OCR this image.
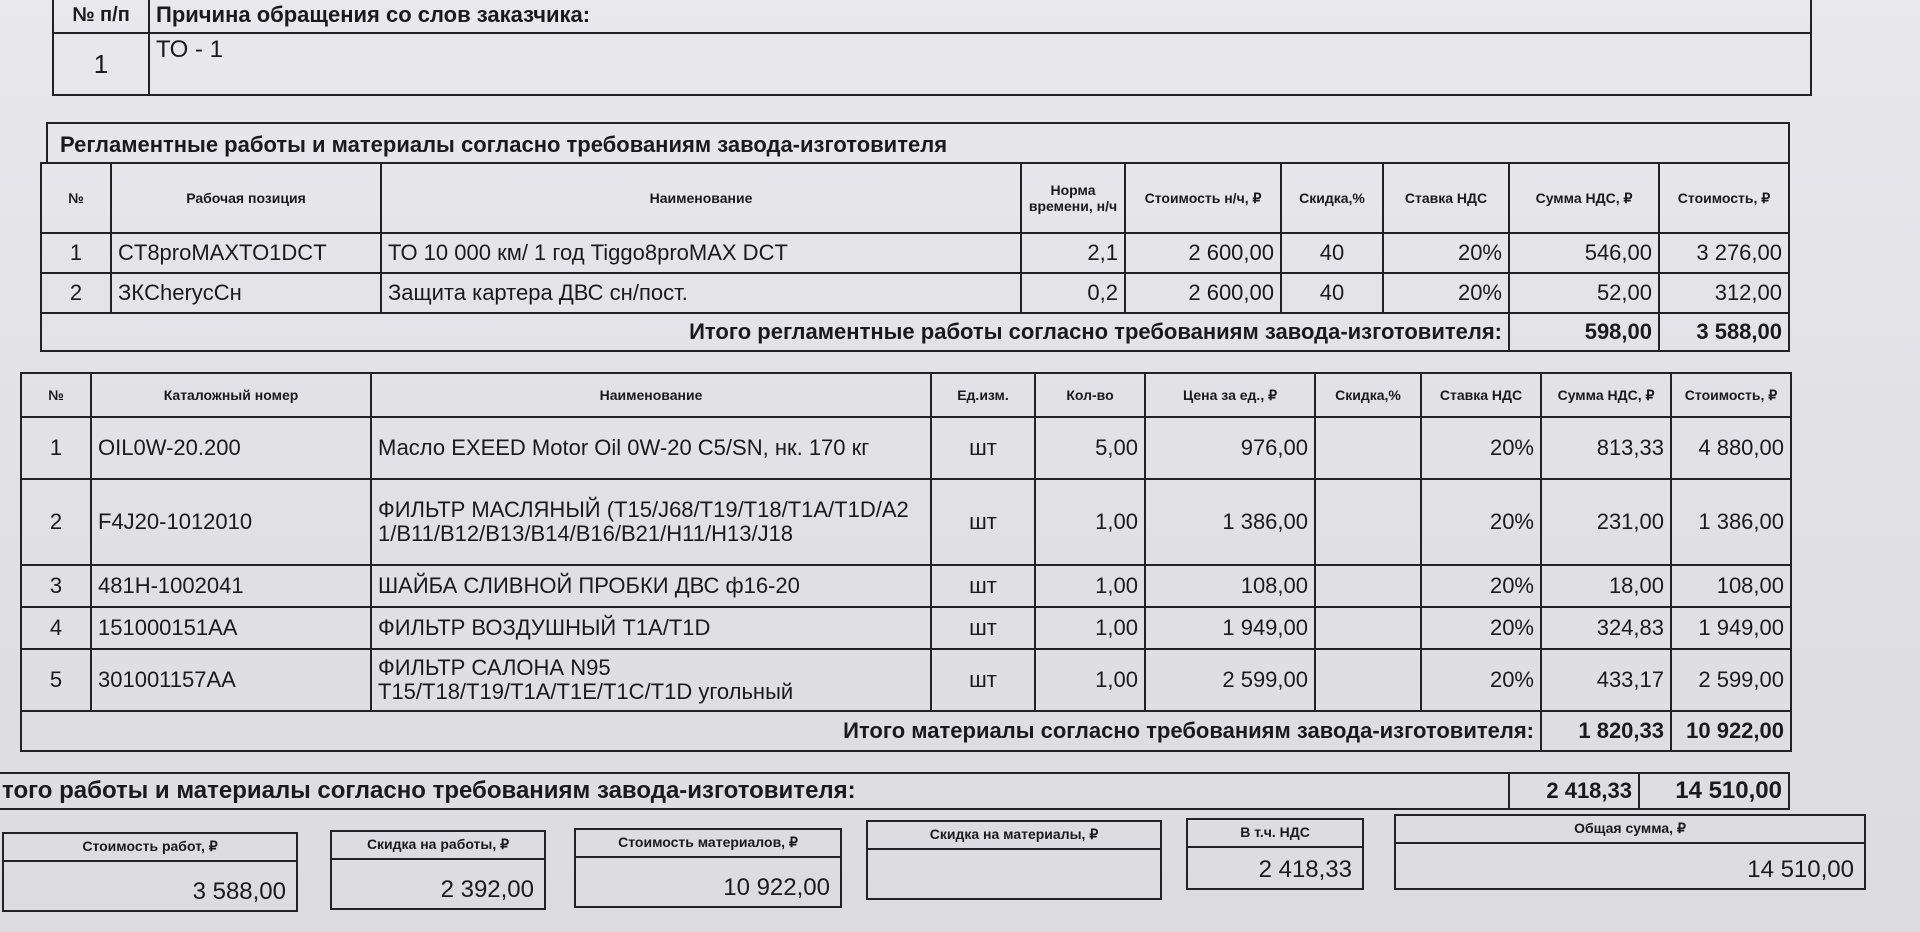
№ п/п	Причина обращения со слов заказчика:
1	ТО - 1
Регламентные работы и материалы согласно требованиям завода-изготовителя
№	Рабочая позиция	Наименование	Норма времени, н/ч	Стоимость н/ч, ₽	Скидка,%	Ставка НДС	Сумма НДС, ₽	Стоимость, ₽
1	CT8proMAXTO1DCT	ТО 10 000 км/ 1 год Tiggo8proMAX DCT	2,1	2 600,00	40	20%	546,00	3 276,00
2	ЗКCherycCн	Защита картера ДВС сн/пост.	0,2	2 600,00	40	20%	52,00	312,00
Итого регламентные работы согласно требованиям завода-изготовителя:							598,00	3 588,00
№	Каталожный номер	Наименование	Ед.изм.	Кол-во	Цена за ед., ₽	Скидка,%	Ставка НДС	Сумма НДС, ₽	Стоимость, ₽
1	OIL0W-20.200	Масло EXEED Motor Oil 0W-20 C5/SN, нк. 170 кг	шт	5,00	976,00		20%	813,33	4 880,00
2	F4J20-1012010	ФИЛЬТР МАСЛЯНЫЙ (T15/J68/T19/T18/T1A/T1D/A21/B11/B12/B13/B14/B16/B21/H11/H13/J18	шт	1,00	1 386,00		20%	231,00	1 386,00
3	481H-1002041	ШАЙБА СЛИВНОЙ ПРОБКИ ДВС ф16-20	шт	1,00	108,00		20%	18,00	108,00
4	151000151AA	ФИЛЬТР ВОЗДУШНЫЙ T1A/T1D	шт	1,00	1 949,00		20%	324,83	1 949,00
5	301001157AA	ФИЛЬТР САЛОНА N95 T15/T18/T19/T1A/T1E/T1C/T1D угольный	шт	1,00	2 599,00		20%	433,17	2 599,00
Итого материалы согласно требованиям завода-изготовителя:								1 820,33	10 922,00
того работы и материалы согласно требованиям завода-изготовителя:	2 418,33	14 510,00
Стоимость работ, ₽
3 588,00
Скидка на работы, ₽
2 392,00
Стоимость материалов, ₽
10 922,00
Скидка на материалы, ₽	В т.ч. НДС
2 418,33
Общая сумма, ₽
14 510,00
